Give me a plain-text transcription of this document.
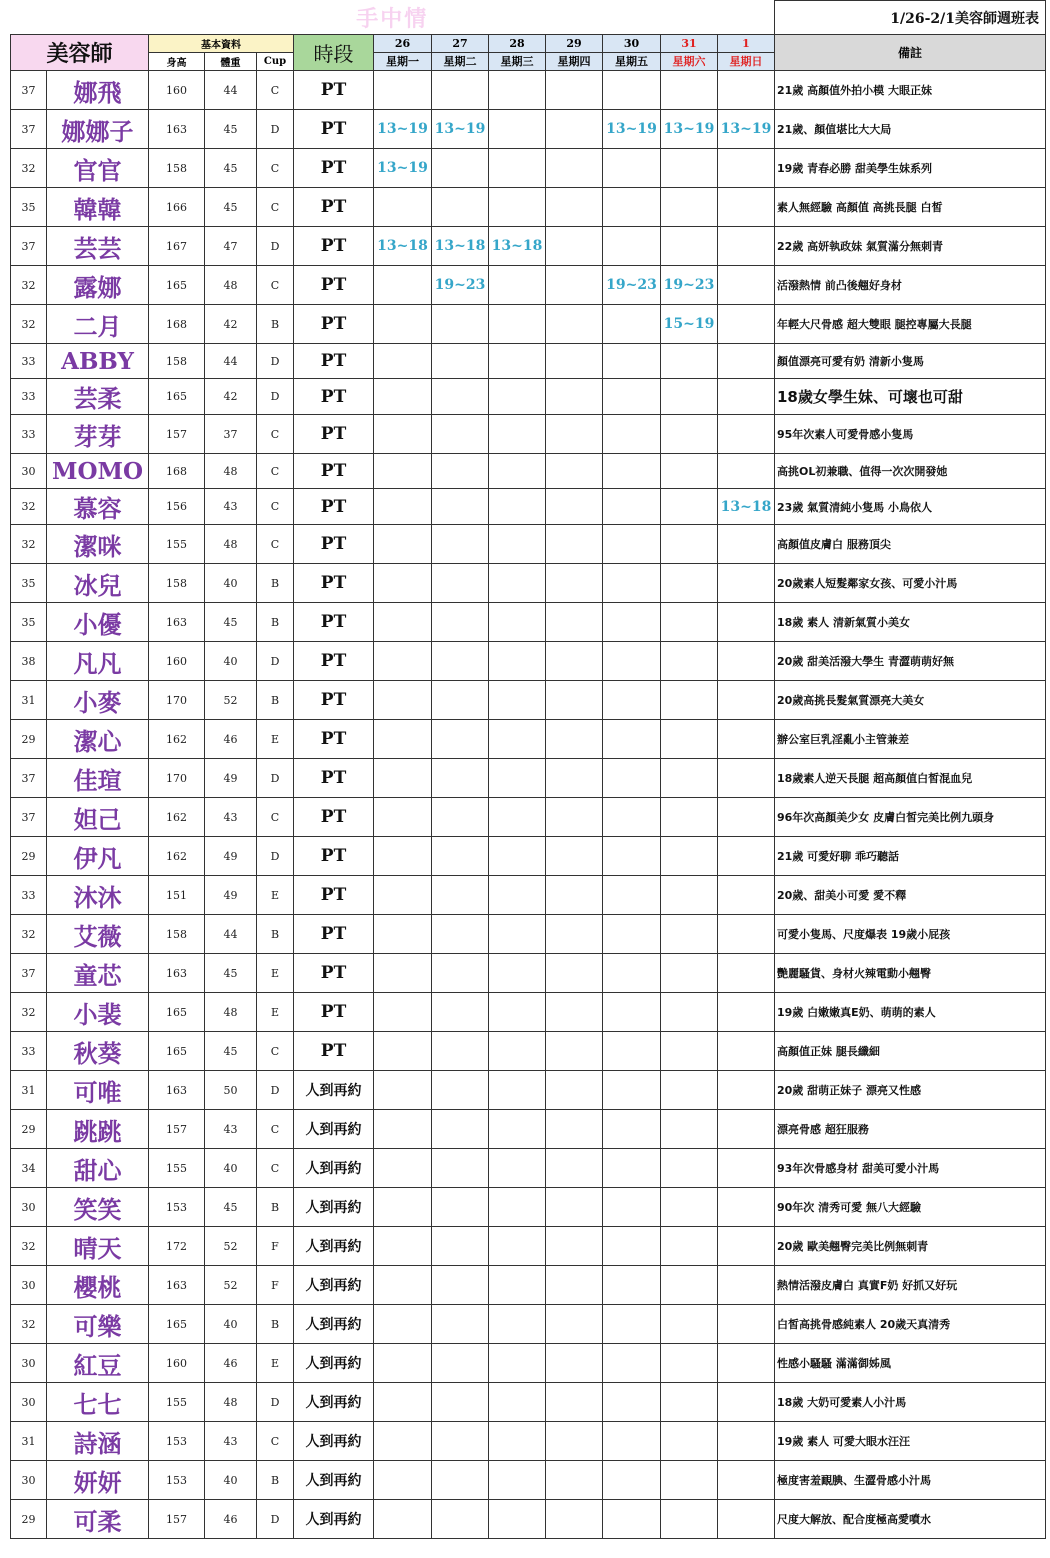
手中情													1/26-2/1美容師週班表
美容師		基本資料			時段	26	27	28	29	30	31	1	備註
		身高	體重	Cup		星期一	星期二	星期三	星期四	星期五	星期六	星期日	
37	娜飛	160	44	C	PT								21歲 高顏值外拍小模 大眼正妹
37	娜娜子	163	45	D	PT	13~19	13~19			13~19	13~19	13~19	21歲、顏值堪比大大局
32	官官	158	45	C	PT	13~19							19歲 青春必勝 甜美學生妹系列
35	韓韓	166	45	C	PT								素人無經驗 高顏值 高挑長腿 白皙
37	芸芸	167	47	D	PT	13~18	13~18	13~18					22歲 高妍執政妹 氣質滿分無刺青
32	露娜	165	48	C	PT		19~23			19~23	19~23		活潑熱情 前凸後翹好身材
32	二月	168	42	B	PT						15~19		年輕大尺骨感 超大雙眼 腿控專屬大長腿
33	ABBY	158	44	D	PT								顏值漂亮可愛有奶 清新小隻馬
33	芸柔	165	42	D	PT								18歲女學生妹、可壞也可甜
33	芽芽	157	37	C	PT								95年次素人可愛骨感小隻馬
30	MOMO	168	48	C	PT								高挑OL初兼職、值得一次次開發她
32	慕容	156	43	C	PT							13~18	23歲 氣質清純小隻馬 小鳥依人
32	潔咪	155	48	C	PT								高顏值皮膚白 服務頂尖
35	冰兒	158	40	B	PT								20歲素人短髮鄰家女孩、可愛小汁馬
35	小優	163	45	B	PT								18歲 素人 清新氣質小美女
38	凡凡	160	40	D	PT								20歲 甜美活潑大學生 青澀萌萌好無
31	小麥	170	52	B	PT								20歲高挑長髮氣質漂亮大美女
29	潔心	162	46	E	PT								辦公室巨乳淫亂小主管兼差
37	佳瑄	170	49	D	PT								18歲素人逆天長腿 超高顏值白皙混血兒
37	妲己	162	43	C	PT								96年次高顏美少女 皮膚白皙完美比例九頭身
29	伊凡	162	49	D	PT								21歲 可愛好聊 乖巧聽話
33	沐沐	151	49	E	PT								20歲、甜美小可愛 愛不釋
32	艾薇	158	44	B	PT								可愛小隻馬、尺度爆表 19歲小屁孩
37	童芯	163	45	E	PT								艷麗騷貨、身材火辣電動小翹臀
32	小裴	165	48	E	PT								19歲 白嫩嫩真E奶、萌萌的素人
33	秋葵	165	45	C	PT								高顏值正妹 腿長纖細
31	可唯	163	50	D	人到再約								20歲 甜萌正妹子 漂亮又性感
29	跳跳	157	43	C	人到再約								漂亮骨感 超狂服務
34	甜心	155	40	C	人到再約								93年次骨感身材 甜美可愛小汁馬
30	笑笑	153	45	B	人到再約								90年次 清秀可愛 無八大經驗
32	晴天	172	52	F	人到再約								20歲 歐美翹臀完美比例無刺青
30	櫻桃	163	52	F	人到再約								熱情活潑皮膚白 真實F奶 好抓又好玩
32	可樂	165	40	B	人到再約								白皙高挑骨感純素人 20歲天真清秀
30	紅豆	160	46	E	人到再約								性感小騷騷 滿滿御姊風
30	七七	155	48	D	人到再約								18歲 大奶可愛素人小汁馬
31	詩涵	153	43	C	人到再約								19歲 素人 可愛大眼水汪汪
30	妍妍	153	40	B	人到再約								極度害羞靦腆、生澀骨感小汁馬
29	可柔	157	46	D	人到再約								尺度大解放、配合度極高愛噴水
